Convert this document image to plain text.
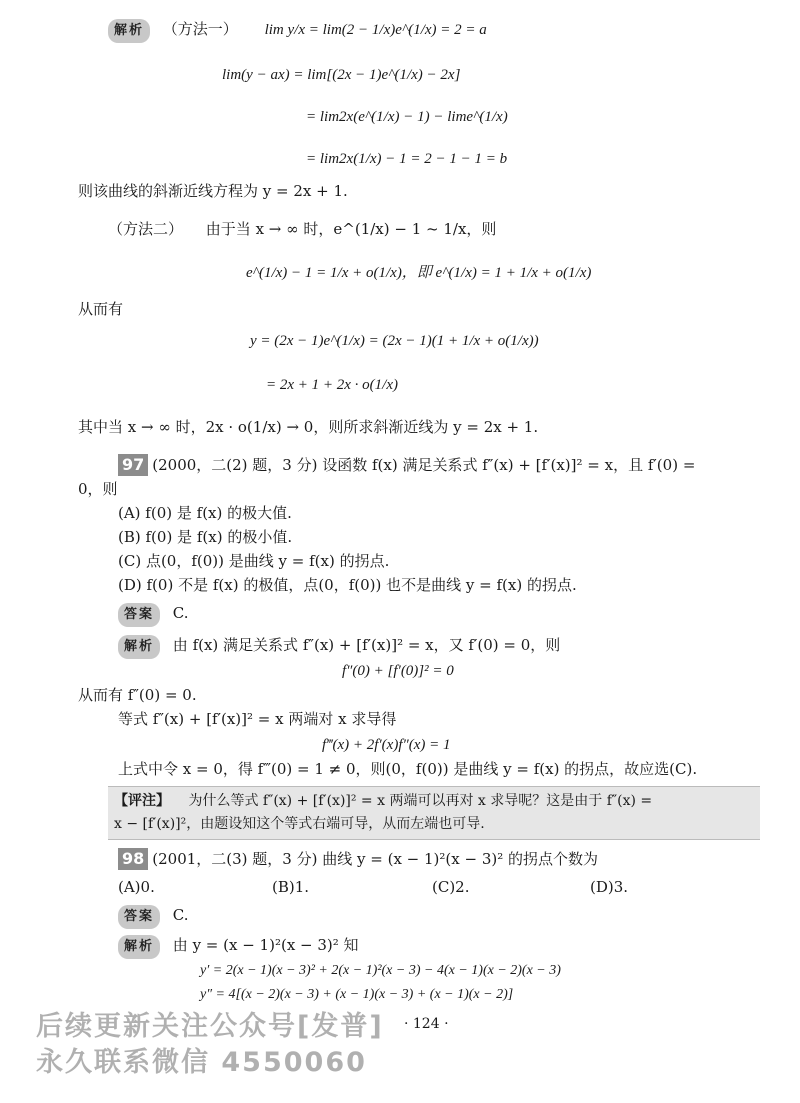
解析 （方法一） lim y/x = lim(2 − 1/x)e^(1/x) = 2 = a
lim(y − ax) = lim[(2x − 1)e^(1/x) − 2x]
= lim2x(e^(1/x) − 1) − lime^(1/x)
= lim2x(1/x) − 1 = 2 − 1 − 1 = b
则该曲线的斜渐近线方程为 y = 2x + 1.
（方法二） 由于当 x → ∞ 时，e^(1/x) − 1 ~ 1/x，则
e^(1/x) − 1 = 1/x + o(1/x)，即 e^(1/x) = 1 + 1/x + o(1/x)
从而有
y = (2x − 1)e^(1/x) = (2x − 1)(1 + 1/x + o(1/x))
= 2x + 1 + 2x · o(1/x)
其中当 x → ∞ 时，2x · o(1/x) → 0，则所求斜渐近线为 y = 2x + 1.
97 (2000，二(2) 题，3 分) 设函数 f(x) 满足关系式 f″(x) + [f′(x)]² = x，且 f′(0) =
0，则
(A) f(0) 是 f(x) 的极大值.
(B) f(0) 是 f(x) 的极小值.
(C) 点(0，f(0)) 是曲线 y = f(x) 的拐点.
(D) f(0) 不是 f(x) 的极值，点(0，f(0)) 也不是曲线 y = f(x) 的拐点.
答案 C.
解析 由 f(x) 满足关系式 f″(x) + [f′(x)]² = x，又 f′(0) = 0，则
f″(0) + [f′(0)]² = 0
从而有 f″(0) = 0.
等式 f″(x) + [f′(x)]² = x 两端对 x 求导得
f‴(x) + 2f′(x)f″(x) = 1
上式中令 x = 0，得 f‴(0) = 1 ≠ 0，则(0，f(0)) 是曲线 y = f(x) 的拐点，故应选(C).
【评注】 为什么等式 f″(x) + [f′(x)]² = x 两端可以再对 x 求导呢？这是由于 f″(x) =
x − [f′(x)]²，由题设知这个等式右端可导，从而左端也可导.
98 (2001，二(3) 题，3 分) 曲线 y = (x − 1)²(x − 3)² 的拐点个数为
(A)0.	(B)1.	(C)2.	(D)3.
答案 C.
解析 由 y = (x − 1)²(x − 3)² 知
y′ = 2(x − 1)(x − 3)² + 2(x − 1)²(x − 3) − 4(x − 1)(x − 2)(x − 3)
y″ = 4[(x − 2)(x − 3) + (x − 1)(x − 3) + (x − 1)(x − 2)]
· 124 ·
后续更新关注公众号[发普]
永久联系微信 4550060
